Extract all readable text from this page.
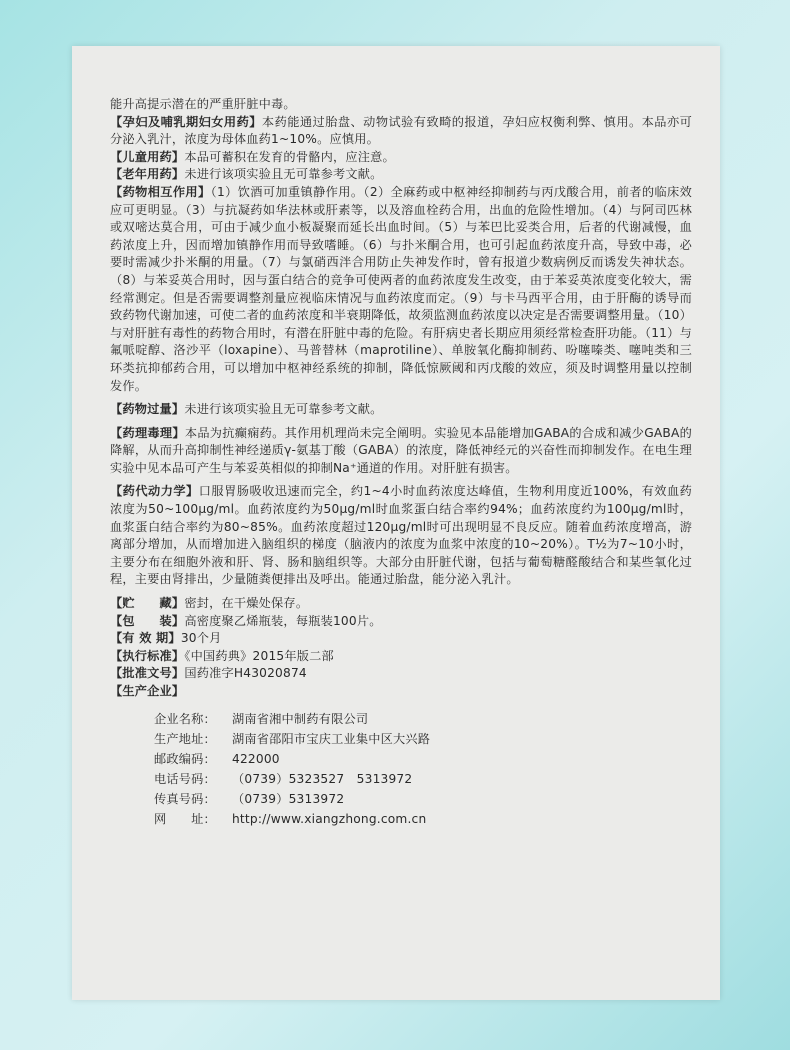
能升高提示潜在的严重肝脏中毒。

【孕妇及哺乳期妇女用药】本药能通过胎盘、动物试验有致畸的报道，孕妇应权衡利弊、慎用。本品亦可分泌入乳汁，浓度为母体血药1~10%。应慎用。

【儿童用药】本品可蓄积在发育的骨骼内，应注意。

【老年用药】未进行该项实验且无可靠参考文献。

【药物相互作用】（1）饮酒可加重镇静作用。（2）全麻药或中枢神经抑制药与丙戊酸合用，前者的临床效应可更明显。（3）与抗凝药如华法林或肝素等，以及溶血栓药合用，出血的危险性增加。（4）与阿司匹林或双嘧达莫合用，可由于减少血小板凝聚而延长出血时间。（5）与苯巴比妥类合用，后者的代谢减慢，血药浓度上升，因而增加镇静作用而导致嗜睡。（6）与扑米酮合用，也可引起血药浓度升高，导致中毒，必要时需减少扑米酮的用量。（7）与氯硝西泮合用防止失神发作时，曾有报道少数病例反而诱发失神状态。（8）与苯妥英合用时，因与蛋白结合的竞争可使两者的血药浓度发生改变，由于苯妥英浓度变化较大，需经常测定。但是否需要调整剂量应视临床情况与血药浓度而定。（9）与卡马西平合用，由于肝酶的诱导而致药物代谢加速，可使二者的血药浓度和半衰期降低，故须监测血药浓度以决定是否需要调整用量。（10）与对肝脏有毒性的药物合用时，有潜在肝脏中毒的危险。有肝病史者长期应用须经常检查肝功能。（11）与氟哌啶醇、洛沙平（loxapine）、马普替林（maprotiline）、单胺氧化酶抑制药、吩噻嗪类、噻吨类和三环类抗抑郁药合用，可以增加中枢神经系统的抑制，降低惊厥阈和丙戊酸的效应，须及时调整用量以控制发作。

【药物过量】未进行该项实验且无可靠参考文献。

【药理毒理】本品为抗癫痫药。其作用机理尚未完全阐明。实验见本品能增加GABA的合成和减少GABA的降解，从而升高抑制性神经递质γ-氨基丁酸（GABA）的浓度，降低神经元的兴奋性而抑制发作。在电生理实验中见本品可产生与苯妥英相似的抑制Na⁺通道的作用。对肝脏有损害。

【药代动力学】口服胃肠吸收迅速而完全，约1~4小时血药浓度达峰值，生物利用度近100%，有效血药浓度为50~100μg/ml。血药浓度约为50μg/ml时血浆蛋白结合率约94%；血药浓度约为100μg/ml时，血浆蛋白结合率约为80~85%。血药浓度超过120μg/ml时可出现明显不良反应。随着血药浓度增高，游离部分增加，从而增加进入脑组织的梯度（脑液内的浓度为血浆中浓度的10~20%）。T½为7~10小时，主要分布在细胞外液和肝、肾、肠和脑组织等。大部分由肝脏代谢，包括与葡萄糖醛酸结合和某些氧化过程，主要由肾排出，少量随粪便排出及呼出。能通过胎盘，能分泌入乳汁。

【贮　　藏】密封，在干燥处保存。

【包　　装】高密度聚乙烯瓶装，每瓶装100片。

【有 效 期】30个月

【执行标准】《中国药典》2015年版二部

【批准文号】国药准字H43020874

【生产企业】

企业名称： 湖南省湘中制药有限公司

生产地址： 湖南省邵阳市宝庆工业集中区大兴路

邮政编码： 422000

电话号码： （0739）5323527　5313972

传真号码： （0739）5313972

网　　址： http://www.xiangzhong.com.cn
